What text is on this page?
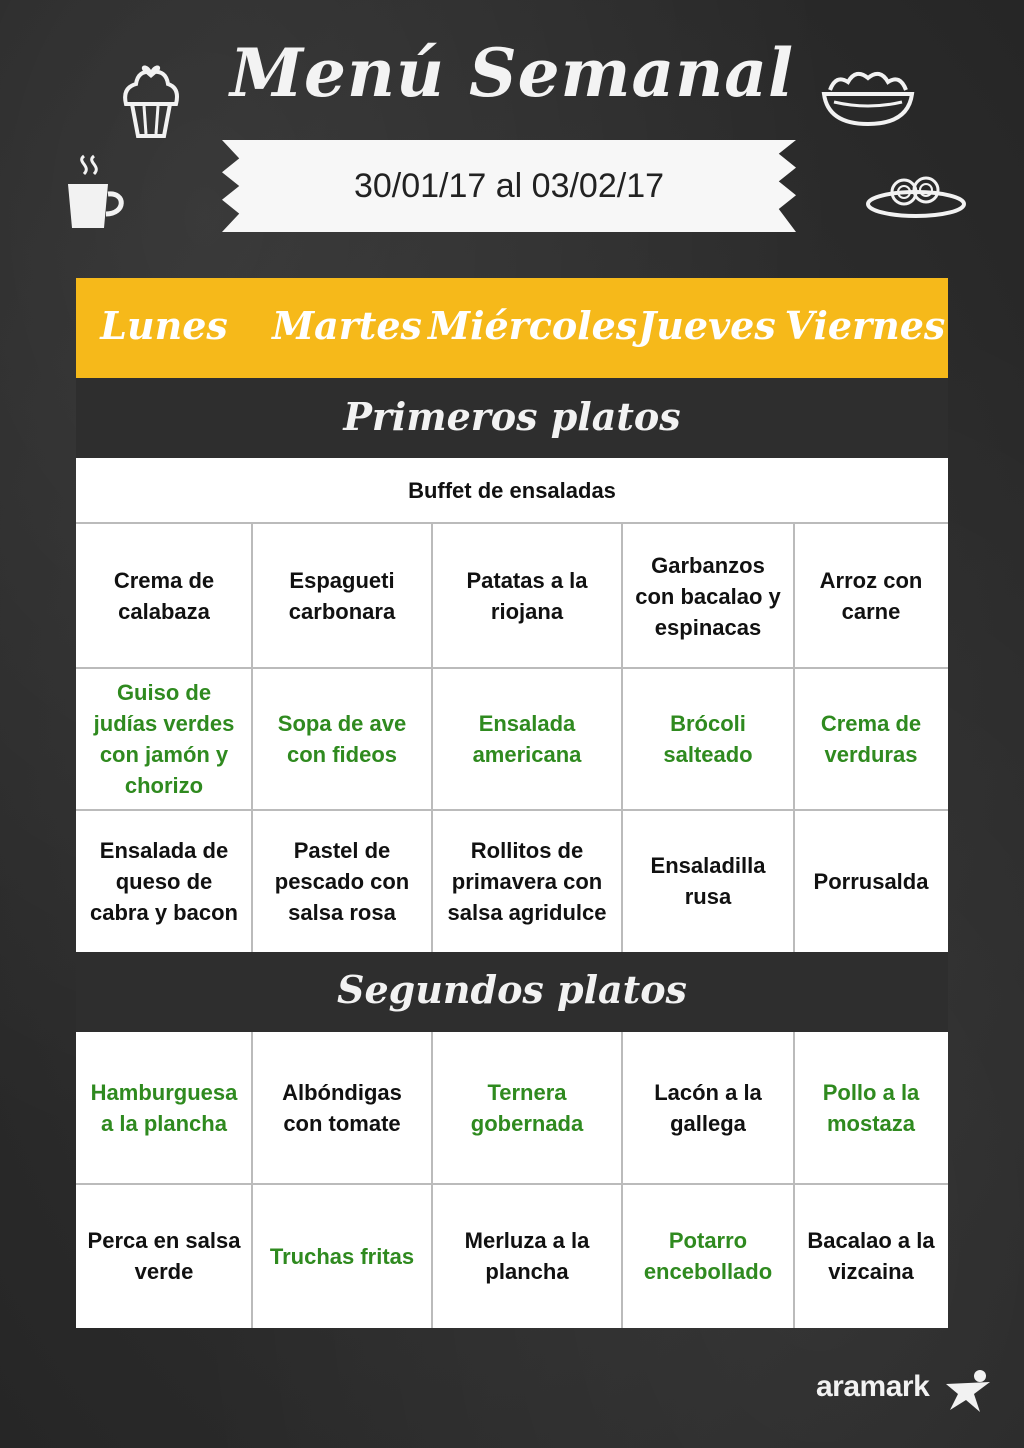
Menú Semanal
30/01/17 al 03/02/17
Lunes	Martes Miércoles Jueves Viernes
Primeros platos
Buffet de ensaladas
Segundos platos
Crema de calabaza
Espagueti carbonara
Patatas a la riojana
Garbanzos con bacalao y espinacas
Arroz con carne
Guiso de judías verdes con jamón y chorizo
Sopa de ave con fideos
Ensalada americana
Brócoli salteado
Crema de verduras
Ensalada de queso de cabra y bacon
Pastel de pescado con salsa rosa
Rollitos de primavera con salsa agridulce
Ensaladilla rusa
Porrusalda
Hamburguesa a la plancha
Albóndigas con tomate
Ternera gobernada
Lacón a la gallega
Pollo a la mostaza
Perca en salsa verde
Truchas fritas
Merluza a la plancha
Potarro encebollado
Bacalao a la vizcaina
aramark
